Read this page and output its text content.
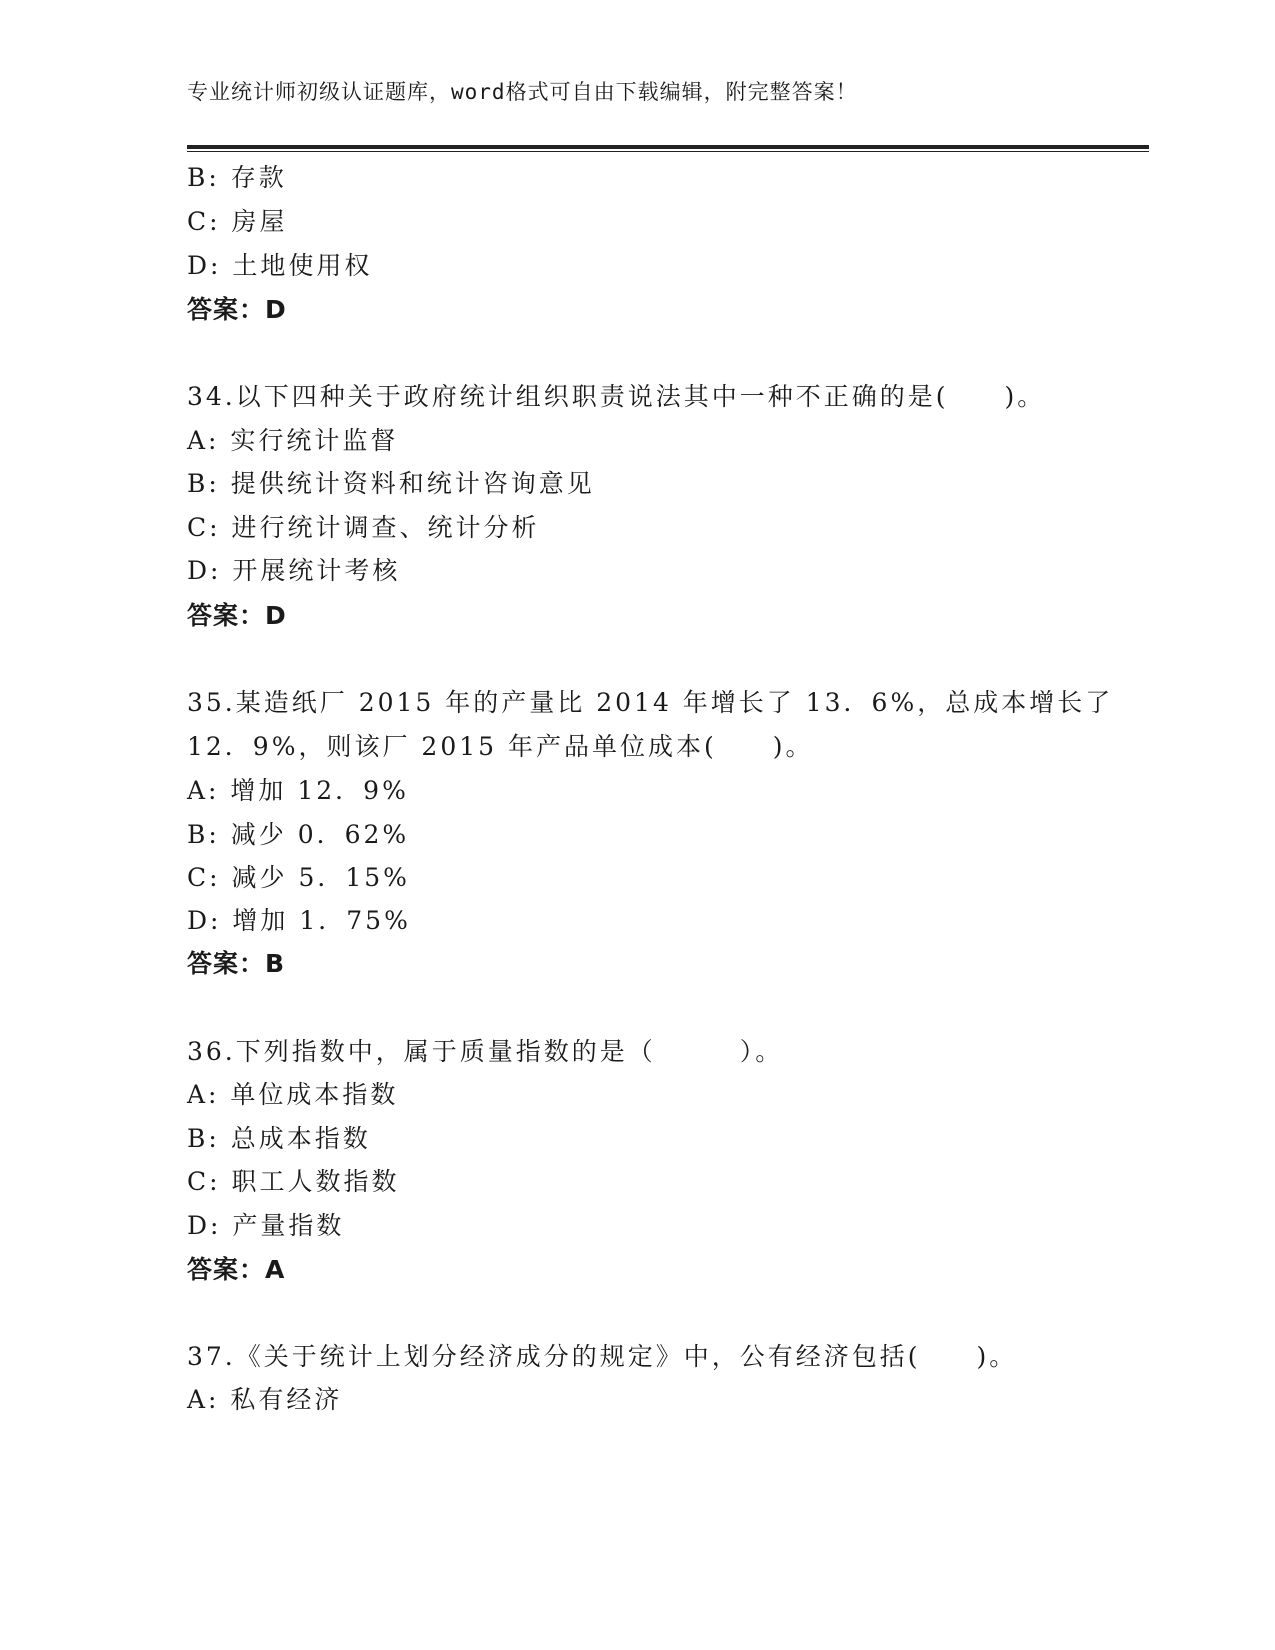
专业统计师初级认证题库，word格式可自由下载编辑，附完整答案！
B: 存款
C: 房屋
D: 土地使用权
答案：D
34.以下四种关于政府统计组织职责说法其中一种不正确的是(　　)。
A: 实行统计监督
B: 提供统计资料和统计咨询意见
C: 进行统计调查、统计分析
D: 开展统计考核
答案：D
35.某造纸厂 2015 年的产量比 2014 年增长了 13．6%，总成本增长了
12．9%，则该厂 2015 年产品单位成本(　　)。
A: 增加 12．9%
B: 减少 0．62%
C: 减少 5．15%
D: 增加 1．75%
答案：B
36.下列指数中，属于质量指数的是（　　　）。
A: 单位成本指数
B: 总成本指数
C: 职工人数指数
D: 产量指数
答案：A
37.《关于统计上划分经济成分的规定》中，公有经济包括(　　)。
A: 私有经济
